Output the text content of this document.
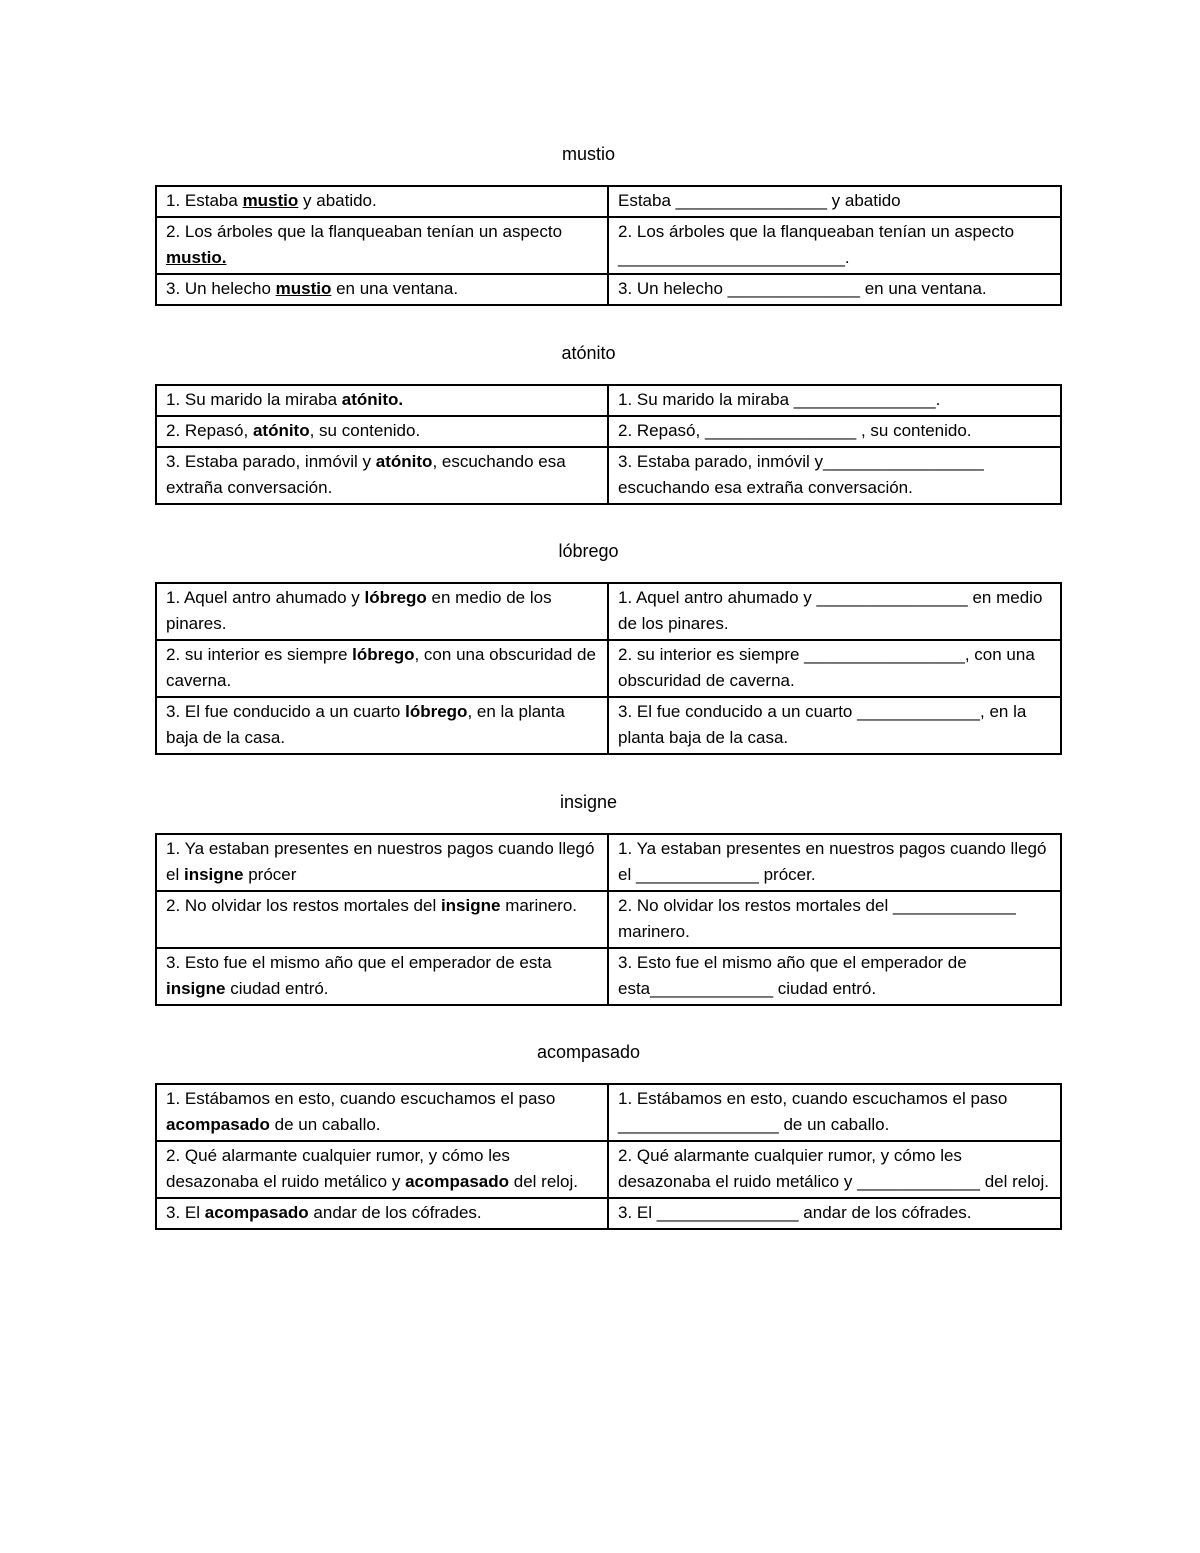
mustio
1. Estaba mustio y abatido.	Estaba ________________ y abatido
2. Los árboles que la flanqueaban tenían un aspecto mustio.	2. Los árboles que la flanqueaban tenían un aspecto ________________________.
3. Un helecho mustio en una ventana.	3. Un helecho ______________ en una ventana.
atónito
1. Su marido la miraba atónito.	1. Su marido la miraba _______________.
2. Repasó, atónito, su contenido.	2. Repasó, ________________ , su contenido.
3. Estaba parado, inmóvil y atónito, escuchando esa extraña conversación.	3. Estaba parado, inmóvil y_________________ escuchando esa extraña conversación.
lóbrego
1. Aquel antro ahumado y lóbrego en medio de los pinares.	1. Aquel antro ahumado y ________________ en medio de los pinares.
2. su interior es siempre lóbrego, con una obscuridad de caverna.	2. su interior es siempre _________________, con una obscuridad de caverna.
3. El fue conducido a un cuarto lóbrego, en la planta baja de la casa.	3. El fue conducido a un cuarto _____________, en la planta baja de la casa.
insigne
1. Ya estaban presentes en nuestros pagos cuando llegó el insigne prócer	1. Ya estaban presentes en nuestros pagos cuando llegó el _____________ prócer.
2. No olvidar los restos mortales del insigne marinero.	2. No olvidar los restos mortales del _____________ marinero.
3. Esto fue el mismo año que el emperador de esta insigne ciudad entró.	3. Esto fue el mismo año que el emperador de esta_____________ ciudad entró.
acompasado
1. Estábamos en esto, cuando escuchamos el paso acompasado de un caballo.	1. Estábamos en esto, cuando escuchamos el paso _________________ de un caballo.
2. Qué alarmante cualquier rumor, y cómo les desazonaba el ruido metálico y acompasado del reloj.	2. Qué alarmante cualquier rumor, y cómo les desazonaba el ruido metálico y _____________ del reloj.
3. El acompasado andar de los cófrades.	3. El _______________ andar de los cófrades.
